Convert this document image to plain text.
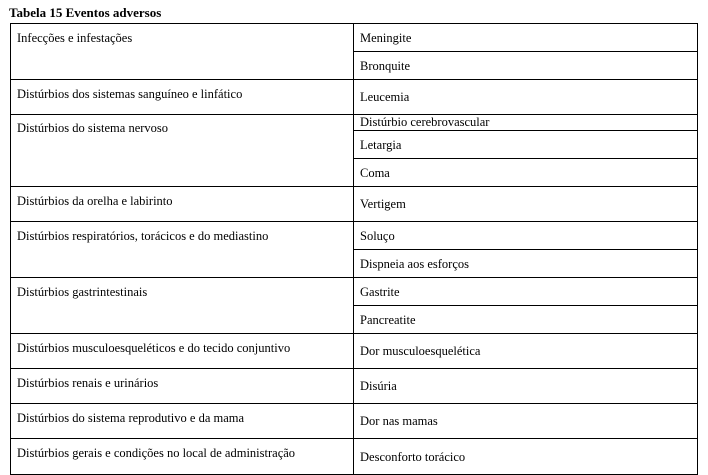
Tabela 15 Eventos adversos
Infecções e infestações	Meningite
	Bronquite
Distúrbios dos sistemas sanguíneo e linfático	Leucemia
Distúrbios do sistema nervoso	Distúrbio cerebrovascular
	Letargia
	Coma
Distúrbios da orelha e labirinto	Vertigem
Distúrbios respiratórios, torácicos e do mediastino	Soluço
	Dispneia aos esforços
Distúrbios gastrintestinais	Gastrite
	Pancreatite
Distúrbios musculoesqueléticos e do tecido conjuntivo	Dor musculoesquelética
Distúrbios renais e urinários	Disúria
Distúrbios do sistema reprodutivo e da mama	Dor nas mamas
Distúrbios gerais e condições no local de administração	Desconforto torácico
